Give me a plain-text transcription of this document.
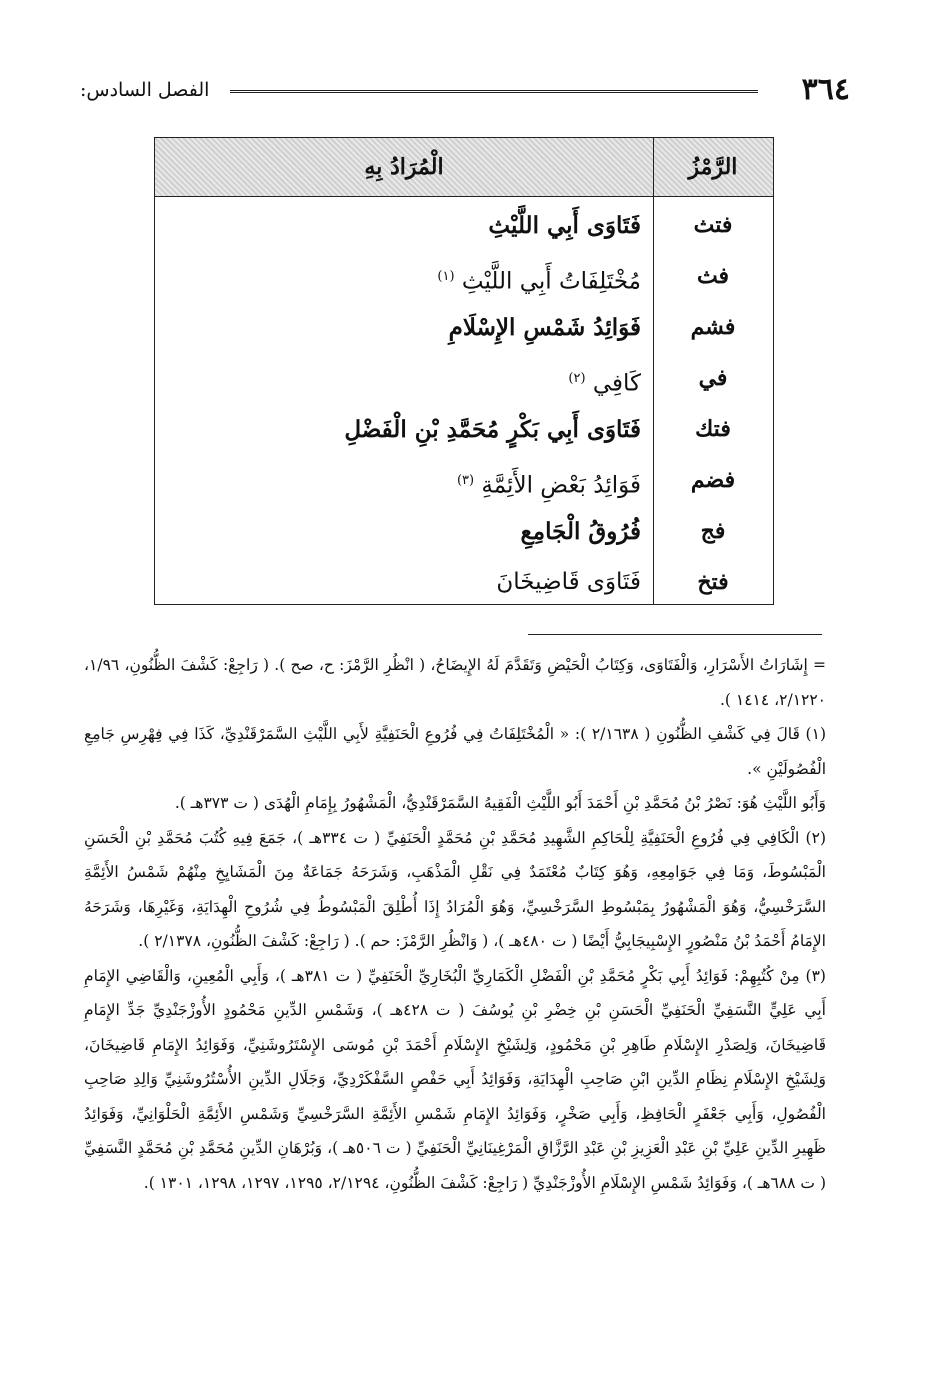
٣٦٤
الفصل السادس:
الرَّمْزُ
الْمُرَادُ بِهِ
فتث
فَتَاوَى أَبِي اللَّيْثِ
فث
مُخْتَلِفَاتُ أَبِي اللَّيْثِ $^{(١)}$
فشم
فَوَائِدُ شَمْسِ الإِسْلَامِ
في
كَافِي $^{(٢)}$
فتك
فَتَاوَى أَبِي بَكْرٍ مُحَمَّدِ بْنِ الْفَضْلِ
فضم
فَوَائِدُ بَعْضِ الأَئِمَّةِ $^{(٣)}$
فج
فُرُوقُ الْجَامِعِ
فتخ
فَتَاوَى قَاضِيخَانَ

= إِشَارَاتُ الأَسْرَارِ، وَالْفَتَاوَى، وَكِتَابُ الْحَيْضِ وَتَقَدَّمَ لَهُ الإِيضَاحُ، ( انْظُرِ الرَّمْزَ: ح، صح ). ( رَاجِعْ: كَشْفَ الظُّنُونِ، ١/٩٦، ٢/١٢٢٠، ١٤١٤ ).

(١) قَالَ فِي كَشْفِ الظُّنُونِ ( ٢/١٦٣٨ ): « الْمُخْتَلِفَاتُ فِي فُرُوعِ الْحَنَفِيَّةِ لأَبِي اللَّيْثِ السَّمَرْقَنْدِيِّ، كَذَا فِي فِهْرِسِ جَامِعِ الْفُصُولَيْنِ ».

وَأَبُو اللَّيْثِ هُوَ: نَصْرُ بْنُ مُحَمَّدِ بْنِ أَحْمَدَ أَبُو اللَّيْثِ الْفَقِيهُ السَّمَرْقَنْدِيُّ، الْمَشْهُورُ بِإِمَامِ الْهُدَى ( ت ٣٧٣هـ ).

(٢) الْكَافِي فِي فُرُوعِ الْحَنَفِيَّةِ لِلْحَاكِمِ الشَّهِيدِ مُحَمَّدِ بْنِ مُحَمَّدٍ الْحَنَفِيِّ ( ت ٣٣٤هـ )، جَمَعَ فِيهِ كُتُبَ مُحَمَّدِ بْنِ الْحَسَنِ الْمَبْسُوطَ، وَمَا فِي جَوَامِعِهِ، وَهُوَ كِتَابٌ مُعْتَمَدٌ فِي نَقْلِ الْمَذْهَبِ، وَشَرَحَهُ جَمَاعَةٌ مِنَ الْمَشَايِخِ مِنْهُمْ شَمْسُ الأَئِمَّةِ السَّرَخْسِيُّ، وَهُوَ الْمَشْهُورُ بِمَبْسُوطِ السَّرَخْسِيِّ، وَهُوَ الْمُرَادُ إِذَا أُطْلِقَ الْمَبْسُوطُ فِي شُرُوحِ الْهِدَايَةِ، وَغَيْرِهَا، وَشَرَحَهُ الإِمَامُ أَحْمَدُ بْنُ مَنْصُورٍ الإِسْبِيجَابِيُّ أَيْضًا ( ت ٤٨٠هـ )، ( وَانْظُرِ الرَّمْزَ: حم ). ( رَاجِعْ: كَشْفَ الظُّنُونِ، ٢/١٣٧٨ ).

(٣) مِنْ كُتُبِهِمْ: فَوَائِدُ أَبِي بَكْرٍ مُحَمَّدِ بْنِ الْفَضْلِ الْكَمَارِيِّ الْبُخَارِيِّ الْحَنَفِيِّ ( ت ٣٨١هـ )، وَأَبِي الْمُعِينِ، وَالْقَاضِي الإِمَامِ أَبِي عَلِيٍّ النَّسَفِيِّ الْحَنَفِيِّ الْحَسَنِ بْنِ خِضْرِ بْنِ يُوسُفَ ( ت ٤٢٨هـ )، وَشَمْسِ الدِّينِ مَحْمُودٍ الأُوزْجَنْدِيِّ جَدِّ الإِمَامِ قَاضِيخَانَ، وَلِصَدْرِ الإِسْلَامِ طَاهِرِ بْنِ مَحْمُودٍ، وَلِشَيْخِ الإِسْلَامِ أَحْمَدَ بْنِ مُوسَى الإِسْتَرُوشَنِيِّ، وَفَوَائِدُ الإِمَامِ قَاضِيخَانَ، وَلِشَيْخِ الإِسْلَامِ نِظَامِ الدِّينِ ابْنِ صَاحِبِ الْهِدَايَةِ، وَفَوَائِدُ أَبِي حَفْصٍ السَّفْكَرْدِيِّ، وَجَلَالِ الدِّينِ الأُسْتُرُوشَنِيِّ وَالِدِ صَاحِبِ الْفُصُولِ، وَأَبِي جَعْفَرٍ الْحَافِظِ، وَأَبِي صَخْرٍ، وَفَوَائِدُ الإِمَامِ شَمْسِ الأَئِمَّةِ السَّرَخْسِيِّ وَشَمْسِ الأَئِمَّةِ الْحَلْوَانِيِّ، وَفَوَائِدُ ظَهِيرِ الدِّينِ عَلِيِّ بْنِ عَبْدِ الْعَزِيزِ بْنِ عَبْدِ الرَّزَّاقِ الْمَرْغِينَانِيِّ الْحَنَفِيِّ ( ت ٥٠٦هـ )، وَبُرْهَانِ الدِّينِ مُحَمَّدِ بْنِ مُحَمَّدٍ النَّسَفِيِّ ( ت ٦٨٨هـ )، وَفَوَائِدُ شَمْسِ الإِسْلَامِ الأُوزْجَنْدِيِّ ( رَاجِعْ: كَشْفَ الظُّنُونِ، ٢/١٢٩٤، ١٢٩٥، ١٢٩٧، ١٢٩٨، ١٣٠١ ).
